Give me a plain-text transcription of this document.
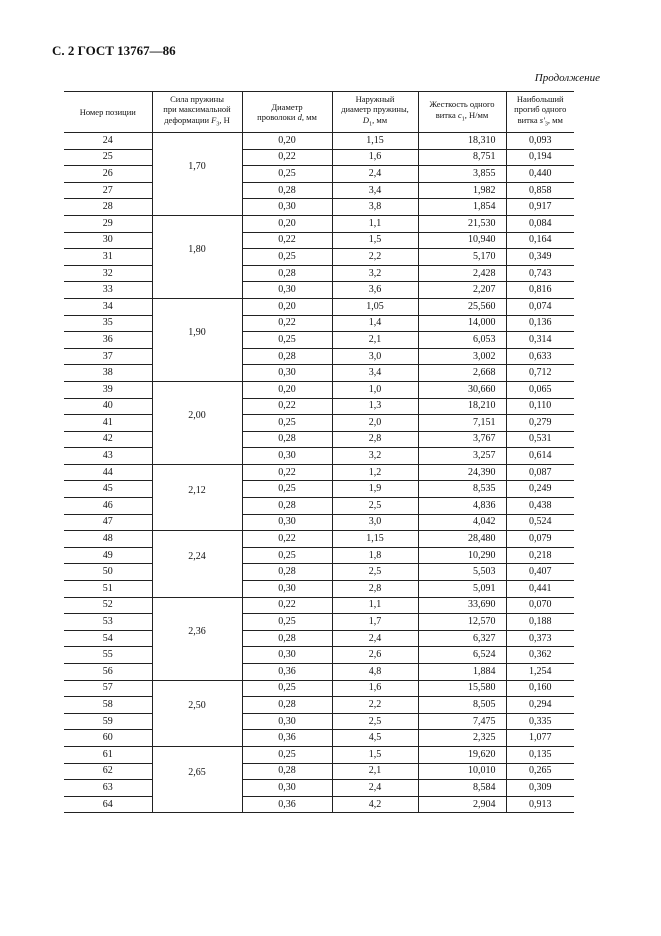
С. 2 ГОСТ 13767—86
Продолжение
Номер позиции	Сила пружины
при максимальной
деформации $F_3$, Н	Диаметр
проволоки d, мм	Наружный
диаметр пружины,
$D_1$, мм	Жесткость одного
витка $c_1$, Н/мм	Наибольший
прогиб одного
витка $s'_3$, мм
24	1,70	0,20	1,15	18,310	0,093
25		0,22	1,6	8,751	0,194
26		0,25	2,4	3,855	0,440
27		0,28	3,4	1,982	0,858
28		0,30	3,8	1,854	0,917
29	1,80	0,20	1,1	21,530	0,084
30		0,22	1,5	10,940	0,164
31		0,25	2,2	5,170	0,349
32		0,28	3,2	2,428	0,743
33		0,30	3,6	2,207	0,816
34	1,90	0,20	1,05	25,560	0,074
35		0,22	1,4	14,000	0,136
36		0,25	2,1	6,053	0,314
37		0,28	3,0	3,002	0,633
38		0,30	3,4	2,668	0,712
39	2,00	0,20	1,0	30,660	0,065
40		0,22	1,3	18,210	0,110
41		0,25	2,0	7,151	0,279
42		0,28	2,8	3,767	0,531
43		0,30	3,2	3,257	0,614
44	2,12	0,22	1,2	24,390	0,087
45		0,25	1,9	8,535	0,249
46		0,28	2,5	4,836	0,438
47		0,30	3,0	4,042	0,524
48	2,24	0,22	1,15	28,480	0,079
49		0,25	1,8	10,290	0,218
50		0,28	2,5	5,503	0,407
51		0,30	2,8	5,091	0,441
52	2,36	0,22	1,1	33,690	0,070
53		0,25	1,7	12,570	0,188
54		0,28	2,4	6,327	0,373
55		0,30	2,6	6,524	0,362
56		0,36	4,8	1,884	1,254
57	2,50	0,25	1,6	15,580	0,160
58		0,28	2,2	8,505	0,294
59		0,30	2,5	7,475	0,335
60		0,36	4,5	2,325	1,077
61	2,65	0,25	1,5	19,620	0,135
62		0,28	2,1	10,010	0,265
63		0,30	2,4	8,584	0,309
64		0,36	4,2	2,904	0,913
